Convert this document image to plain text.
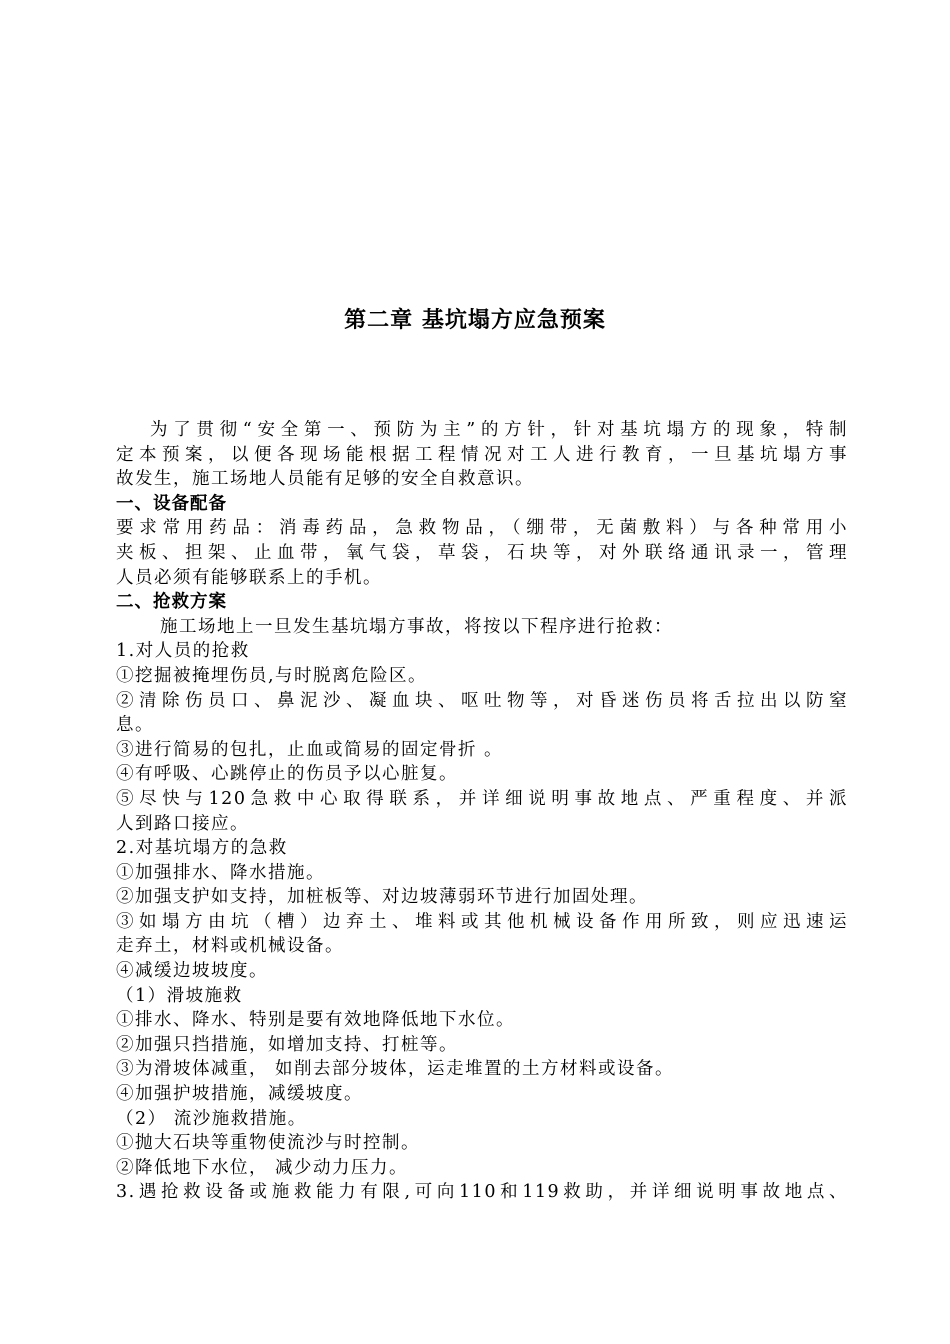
第二章 基坑塌方应急预案
为了贯彻“安全第一、预防为主”的方针，针对基坑塌方的现象，特制
定本预案，以便各现场能根据工程情况对工人进行教育，一旦基坑塌方事
故发生，施工场地人员能有足够的安全自救意识。
一、设备配备
要求常用药品：消毒药品，急救物品，（绷带，无菌敷料）与各种常用小
夹板、担架、止血带，氧气袋，草袋，石块等，对外联络通讯录一，管理
人员必须有能够联系上的手机。
二、抢救方案
施工场地上一旦发生基坑塌方事故，将按以下程序进行抢救：
1.对人员的抢救
①挖掘被掩埋伤员,与时脱离危险区。
②清除伤员口、鼻泥沙、凝血块、呕吐物等，对昏迷伤员将舌拉出以防窒
息。
③进行简易的包扎，止血或简易的固定骨折 。
④有呼吸、心跳停止的伤员予以心脏复。
⑤尽快与120急救中心取得联系，并详细说明事故地点、严重程度、并派
人到路口接应。
2.对基坑塌方的急救
①加强排水、降水措施。
②加强支护如支持，加桩板等、对边坡薄弱环节进行加固处理。
③如塌方由坑（槽）边弃土、堆料或其他机械设备作用所致，则应迅速运
走弃土，材料或机械设备。
④减缓边坡坡度。
（1）滑坡施救
①排水、降水、特别是要有效地降低地下水位。
②加强只挡措施，如增加支持、打桩等。
③为滑坡体减重， 如削去部分坡体，运走堆置的土方材料或设备。
④加强护坡措施，减缓坡度。
（2） 流沙施救措施。
①抛大石块等重物使流沙与时控制。
②降低地下水位， 减少动力压力。
3.遇抢救设备或施救能力有限,可向110和119救助，并详细说明事故地点、
